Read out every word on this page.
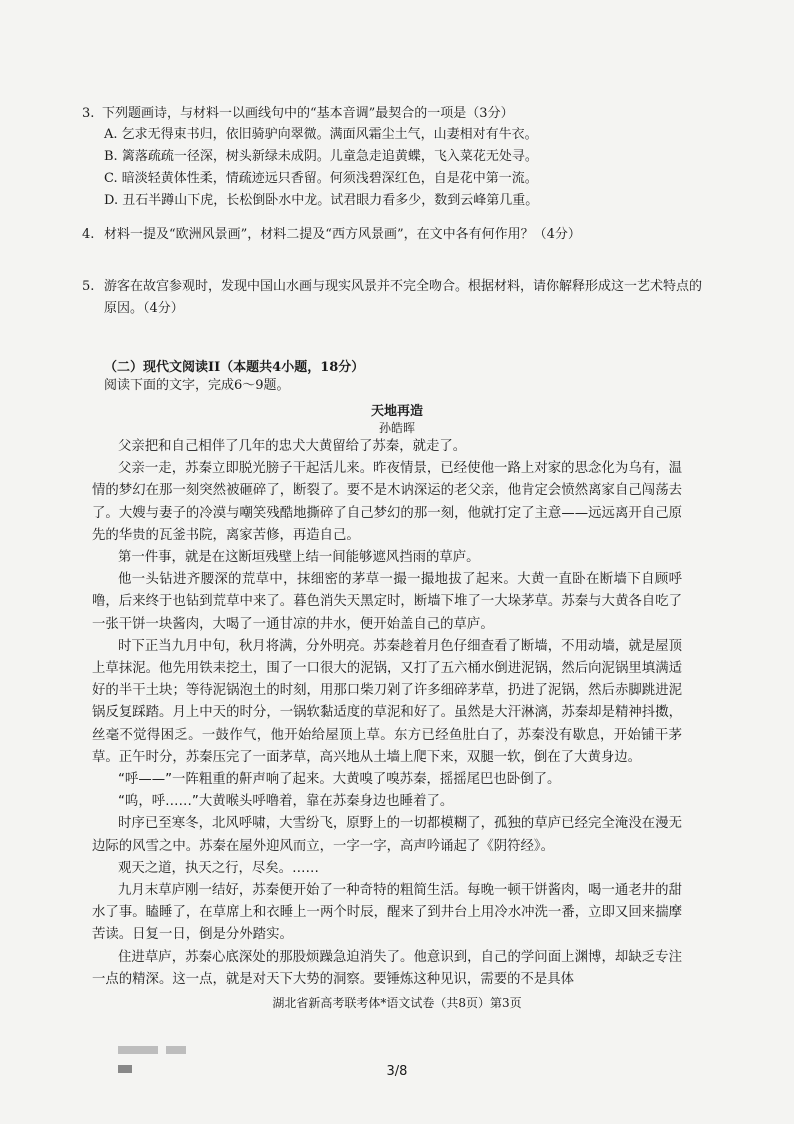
3. 下列题画诗，与材料一以画线句中的“基本音调”最契合的一项是（3分）
A. 乞求无得束书归，依旧骑驴向翠微。满面风霜尘土气，山妻相对有牛衣。
B. 篱落疏疏一径深，树头新绿未成阴。儿童急走追黄蝶，飞入菜花无处寻。
C. 暗淡轻黄体性柔，情疏迹远只香留。何须浅碧深红色，自是花中第一流。
D. 丑石半蹲山下虎，长松倒卧水中龙。试君眼力看多少，数到云峰第几重。
4. 材料一提及“欧洲风景画”，材料二提及“西方风景画”，在文中各有何作用？（4分）
5. 游客在故宫参观时，发现中国山水画与现实风景并不完全吻合。根据材料，请你解释形成这一艺术特点的原因。（4分）
（二）现代文阅读II（本题共4小题，18分）
阅读下面的文字，完成6～9题。
天地再造
孙皓晖

父亲把和自己相伴了几年的忠犬大黄留给了苏秦，就走了。

父亲一走，苏秦立即脱光膀子干起活儿来。昨夜情景，已经使他一路上对家的思念化为乌有，温情的梦幻在那一刻突然被砸碎了，断裂了。要不是木讷深运的老父亲，他肯定会愤然离家自己闯荡去了。大嫂与妻子的冷漠与嘲笑残酷地撕碎了自己梦幻的那一刻，他就打定了主意——远远离开自己原先的华贵的瓦釜书院，离家苦修，再造自己。

第一件事，就是在这断垣残壁上结一间能够遮风挡雨的草庐。

他一头钻进齐腰深的荒草中，抹细密的茅草一撮一撮地拔了起来。大黄一直卧在断墙下自顾呼噜，后来终于也钻到荒草中来了。暮色消失天黑定时，断墙下堆了一大垛茅草。苏秦与大黄各自吃了一张干饼一块酱肉，大喝了一通甘凉的井水，便开始盖自己的草庐。

时下正当九月中旬，秋月将满，分外明亮。苏秦趁着月色仔细查看了断墙，不用动墙，就是屋顶上草抹泥。他先用铁耒挖土，围了一口很大的泥锅，又打了五六桶水倒进泥锅，然后向泥锅里填满适好的半干土块；等待泥锅泡土的时刻，用那口柴刀剁了许多细碎茅草，扔进了泥锅，然后赤脚跳进泥锅反复踩踏。月上中天的时分，一锅软黏适度的草泥和好了。虽然是大汗淋漓，苏秦却是精神抖擞，丝毫不觉得困乏。一鼓作气，他开始给屋顶上草。东方已经鱼肚白了，苏秦没有歇息，开始铺干茅草。正午时分，苏秦压完了一面茅草，高兴地从土墙上爬下来，双腿一软，倒在了大黄身边。

“呼——”一阵粗重的鼾声响了起来。大黄嗅了嗅苏秦，摇摇尾巴也卧倒了。

“呜，呼……”大黄喉头呼噜着，靠在苏秦身边也睡着了。

时序已至寒冬，北风呼啸，大雪纷飞，原野上的一切都模糊了，孤独的草庐已经完全淹没在漫无边际的风雪之中。苏秦在屋外迎风而立，一字一字，高声吟诵起了《阴符经》。

观天之道，执天之行，尽矣。……

九月末草庐刚一结好，苏秦便开始了一种奇特的粗简生活。每晚一顿干饼酱肉，喝一通老井的甜水了事。瞌睡了，在草席上和衣睡上一两个时辰，醒来了到井台上用冷水冲洗一番，立即又回来揣摩苦读。日复一日，倒是分外踏实。

住进草庐，苏秦心底深处的那股烦躁急迫消失了。他意识到，自己的学问面上渊博，却缺乏专注一点的精深。这一点，就是对天下大势的洞察。要锤炼这种见识，需要的不是具体

湖北省新高考联考体*语文试卷（共8页）第3页
3/8
